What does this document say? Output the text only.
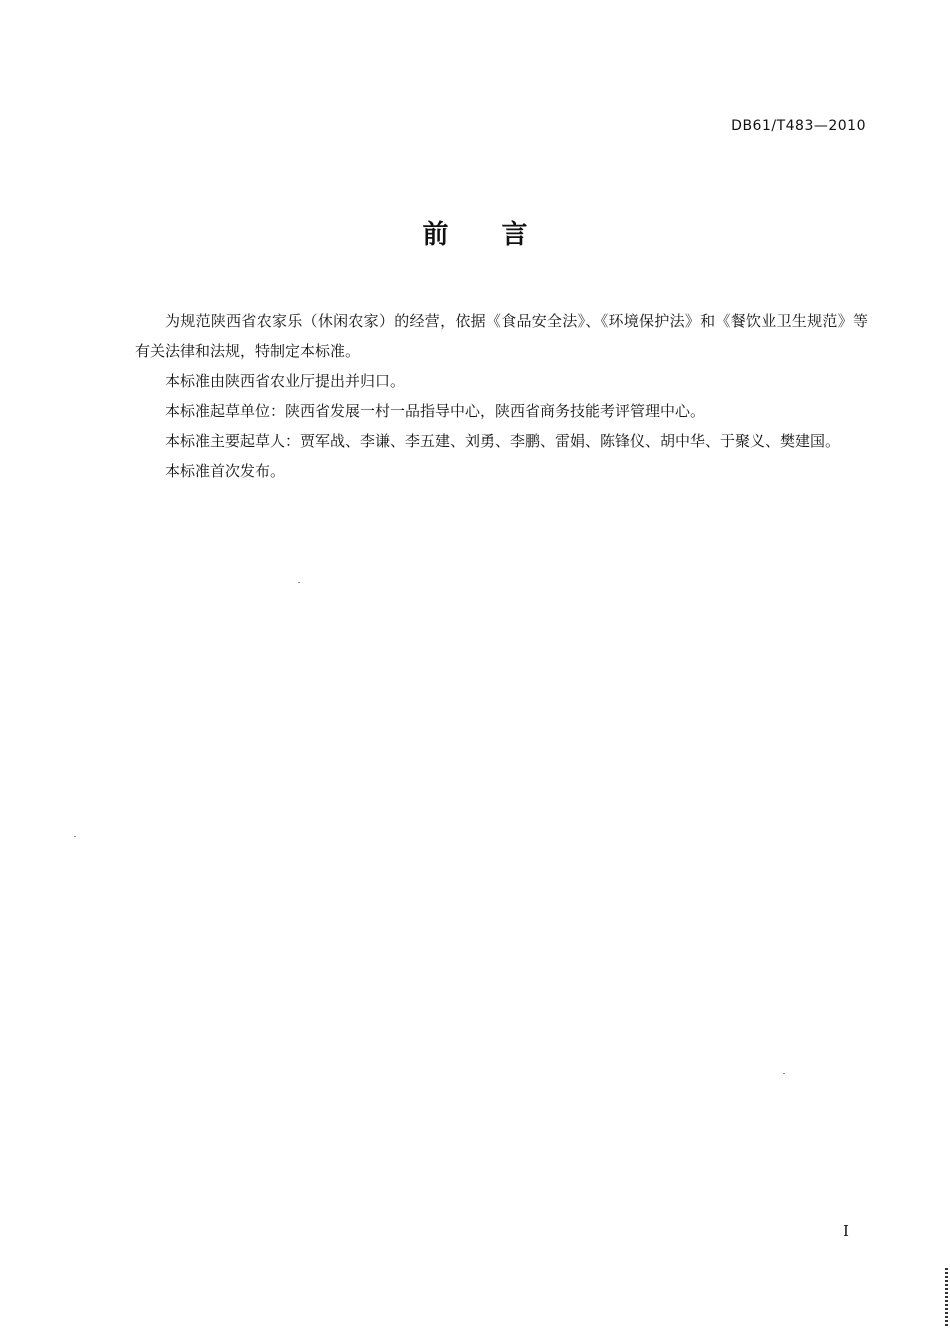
DB61/T483—2010
前 言

为规范陕西省农家乐（休闲农家）的经营，依据《食品安全法》、《环境保护法》和《餐饮业卫生规范》等有关法律和法规，特制定本标准。

本标准由陕西省农业厅提出并归口。

本标准起草单位：陕西省发展一村一品指导中心，陕西省商务技能考评管理中心。

本标准主要起草人：贾军战、李谦、李五建、刘勇、李鹏、雷娟、陈锋仪、胡中华、于聚义、樊建国。

本标准首次发布。

I
